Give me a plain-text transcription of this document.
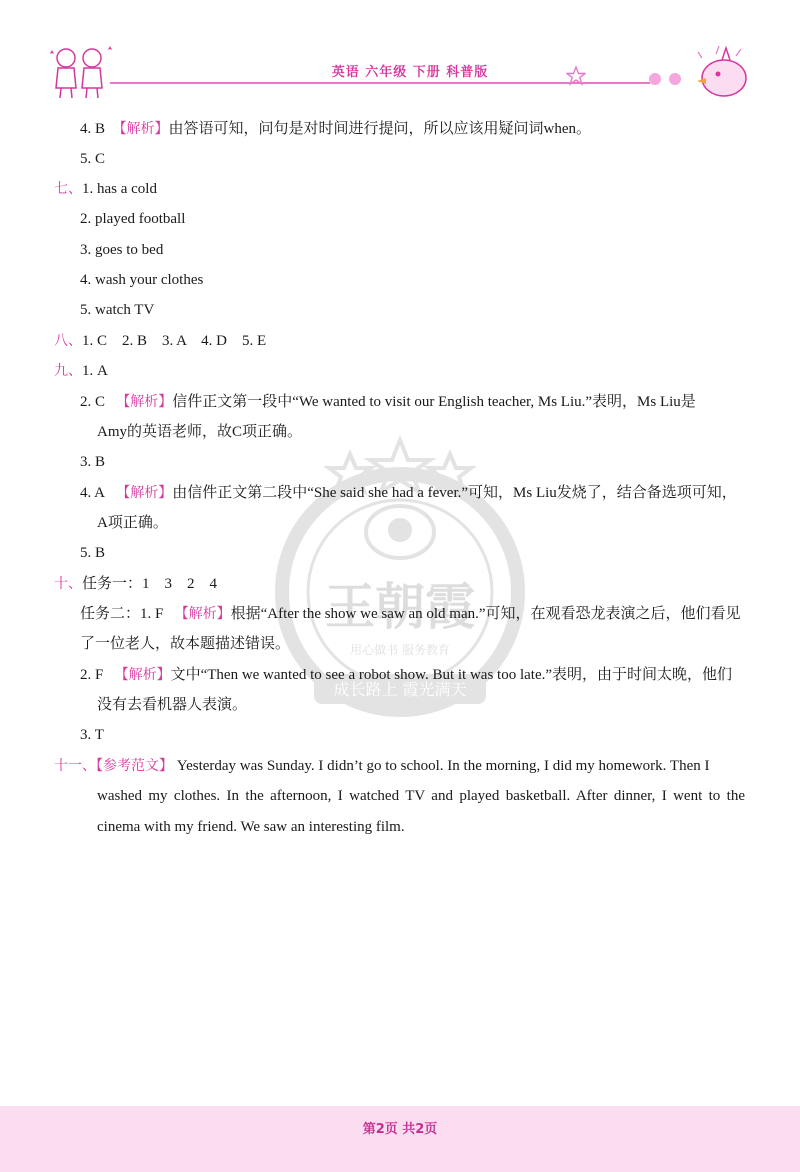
英语 六年级 下册 科普版
王朝霞
用心做书 服务教育
成长路上 霞光满天
4. B 【解析】由答语可知，问句是对时间进行提问，所以应该用疑问词when。
5. C
七、1. has a cold
2. played football
3. goes to bed
4. wash your clothes
5. watch TV
八、1. C　2. B　3. A　4. D　5. E
九、1. A
2. C 【解析】信件正文第一段中“We wanted to visit our English teacher, Ms Liu.”表明，Ms Liu是
Amy的英语老师，故C项正确。
3. B
4. A 【解析】由信件正文第二段中“She said she had a fever.”可知，Ms Liu发烧了，结合备选项可知，
A项正确。
5. B
十、任务一：1　3　2　4
任务二：1. F 【解析】根据“After the show we saw an old man.”可知，在观看恐龙表演之后，他们看见
了一位老人，故本题描述错误。
2. F 【解析】文中“Then we wanted to see a robot show. But it was too late.”表明，由于时间太晚，他们
没有去看机器人表演。
3. T
十一、【参考范文】 Yesterday was Sunday. I didn’t go to school. In the morning, I did my homework. Then I
washed my clothes. In the afternoon, I watched TV and played basketball. After dinner, I went to the
cinema with my friend. We saw an interesting film.
第2页 共2页
